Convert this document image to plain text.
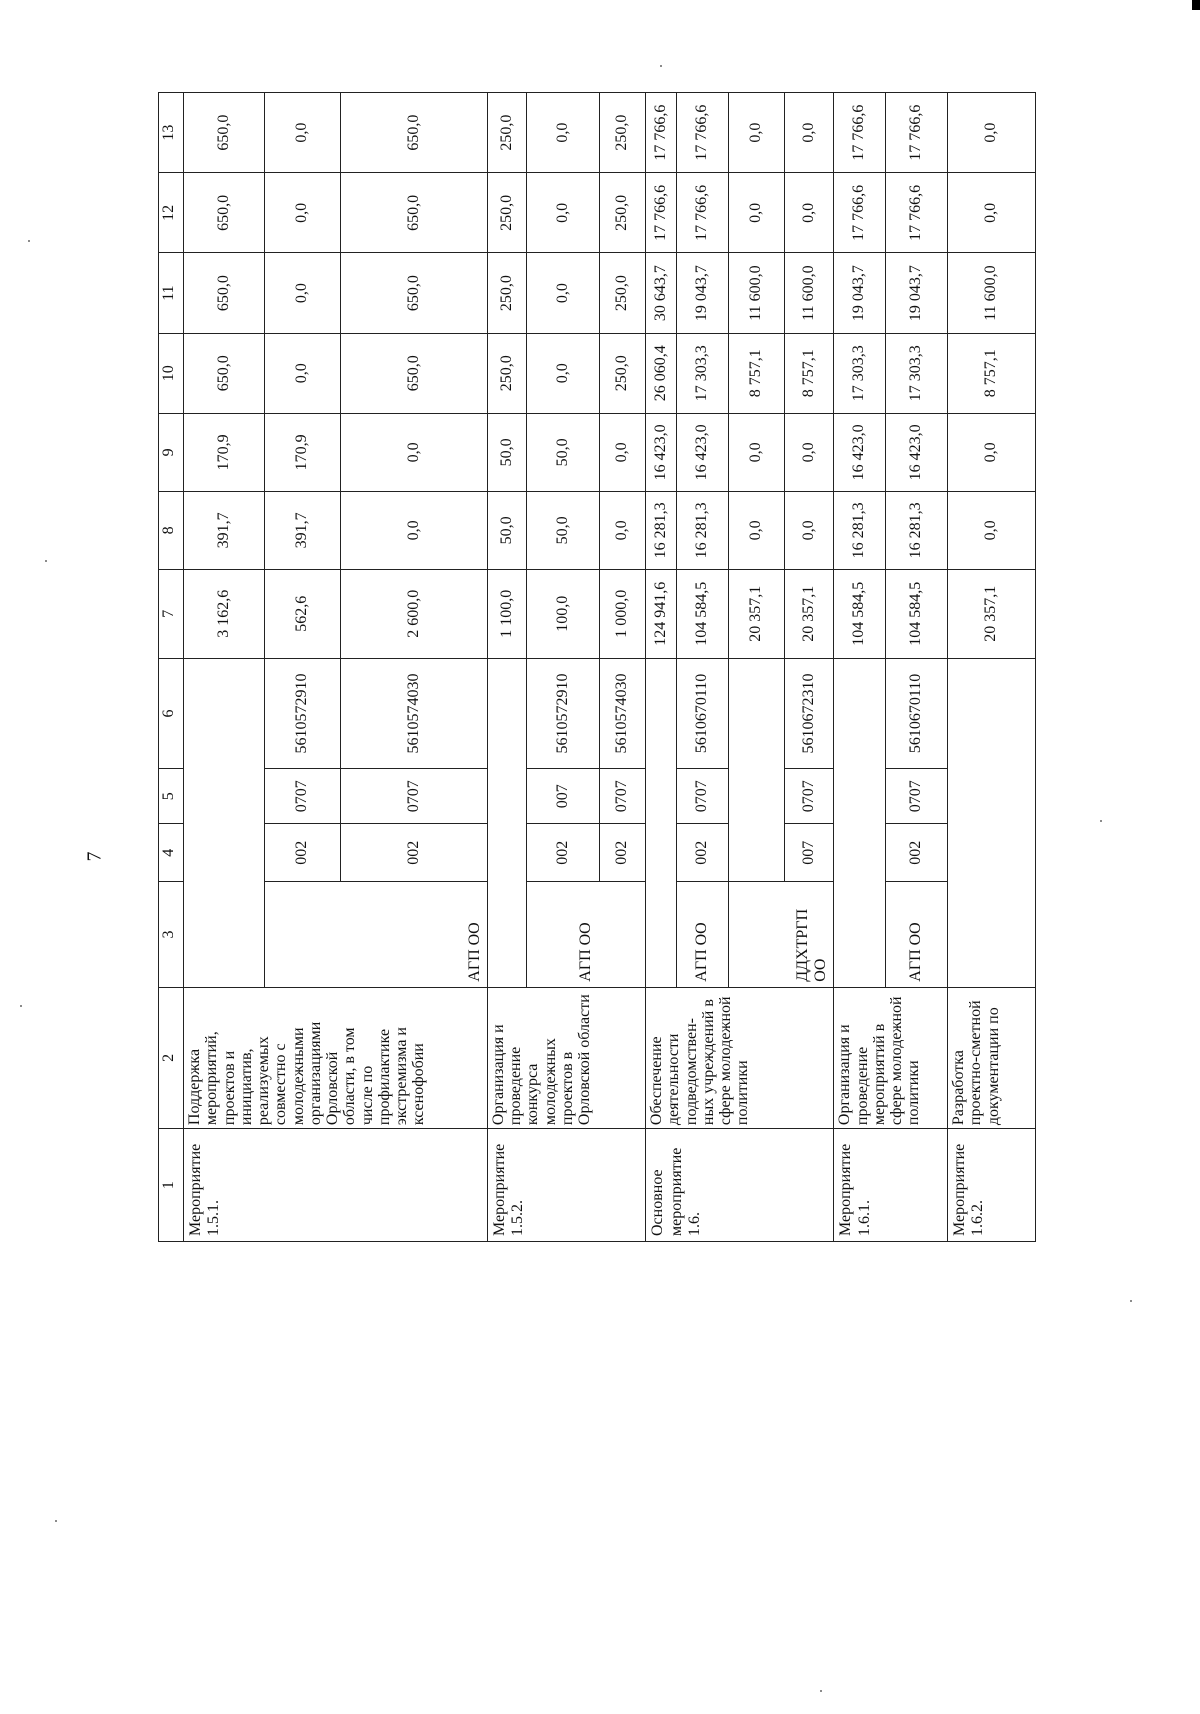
7
1	2	3	4	5	6	7	8	9	10	11	12	13
Мероприятие 1.5.1.	Поддержка мероприятий, проектов и инициатив, реализуемых совместно с молодежными организациями Орловской области, в том числе по профилактике экстремизма и ксенофобии					3 162,6	391,7	170,9	650,0	650,0	650,0	650,0
		АГП ОО	002	0707	5610572910	562,6	391,7	170,9	0,0	0,0	0,0	0,0
			002	0707	5610574030	2 600,0	0,0	0,0	650,0	650,0	650,0	650,0
Мероприятие 1.5.2.	Организация и проведение конкурса молодежных проектов в Орловской области					1 100,0	50,0	50,0	250,0	250,0	250,0	250,0
		АГП ОО	002	007	5610572910	100,0	50,0	50,0	0,0	0,0	0,0	0,0
			002	0707	5610574030	1 000,0	0,0	0,0	250,0	250,0	250,0	250,0
Основное мероприятие 1.6.	Обеспечение деятельности подведомствен-ных учреждений в сфере молодежной политики					124 941,6	16 281,3	16 423,0	26 060,4	30 643,7	17 766,6	17 766,6
		АГП ОО	002	0707	5610670110	104 584,5	16 281,3	16 423,0	17 303,3	19 043,7	17 766,6	17 766,6
		ДДХТРГП ОО				20 357,1	0,0	0,0	8 757,1	11 600,0	0,0	0,0
			007	0707	5610672310	20 357,1	0,0	0,0	8 757,1	11 600,0	0,0	0,0
Мероприятие 1.6.1.	Организация и проведение мероприятий в сфере молодежной политики					104 584,5	16 281,3	16 423,0	17 303,3	19 043,7	17 766,6	17 766,6
		АГП ОО	002	0707	5610670110	104 584,5	16 281,3	16 423,0	17 303,3	19 043,7	17 766,6	17 766,6
Мероприятие 1.6.2.	Разработка проектно-сметной документации по					20 357,1	0,0	0,0	8 757,1	11 600,0	0,0	0,0
